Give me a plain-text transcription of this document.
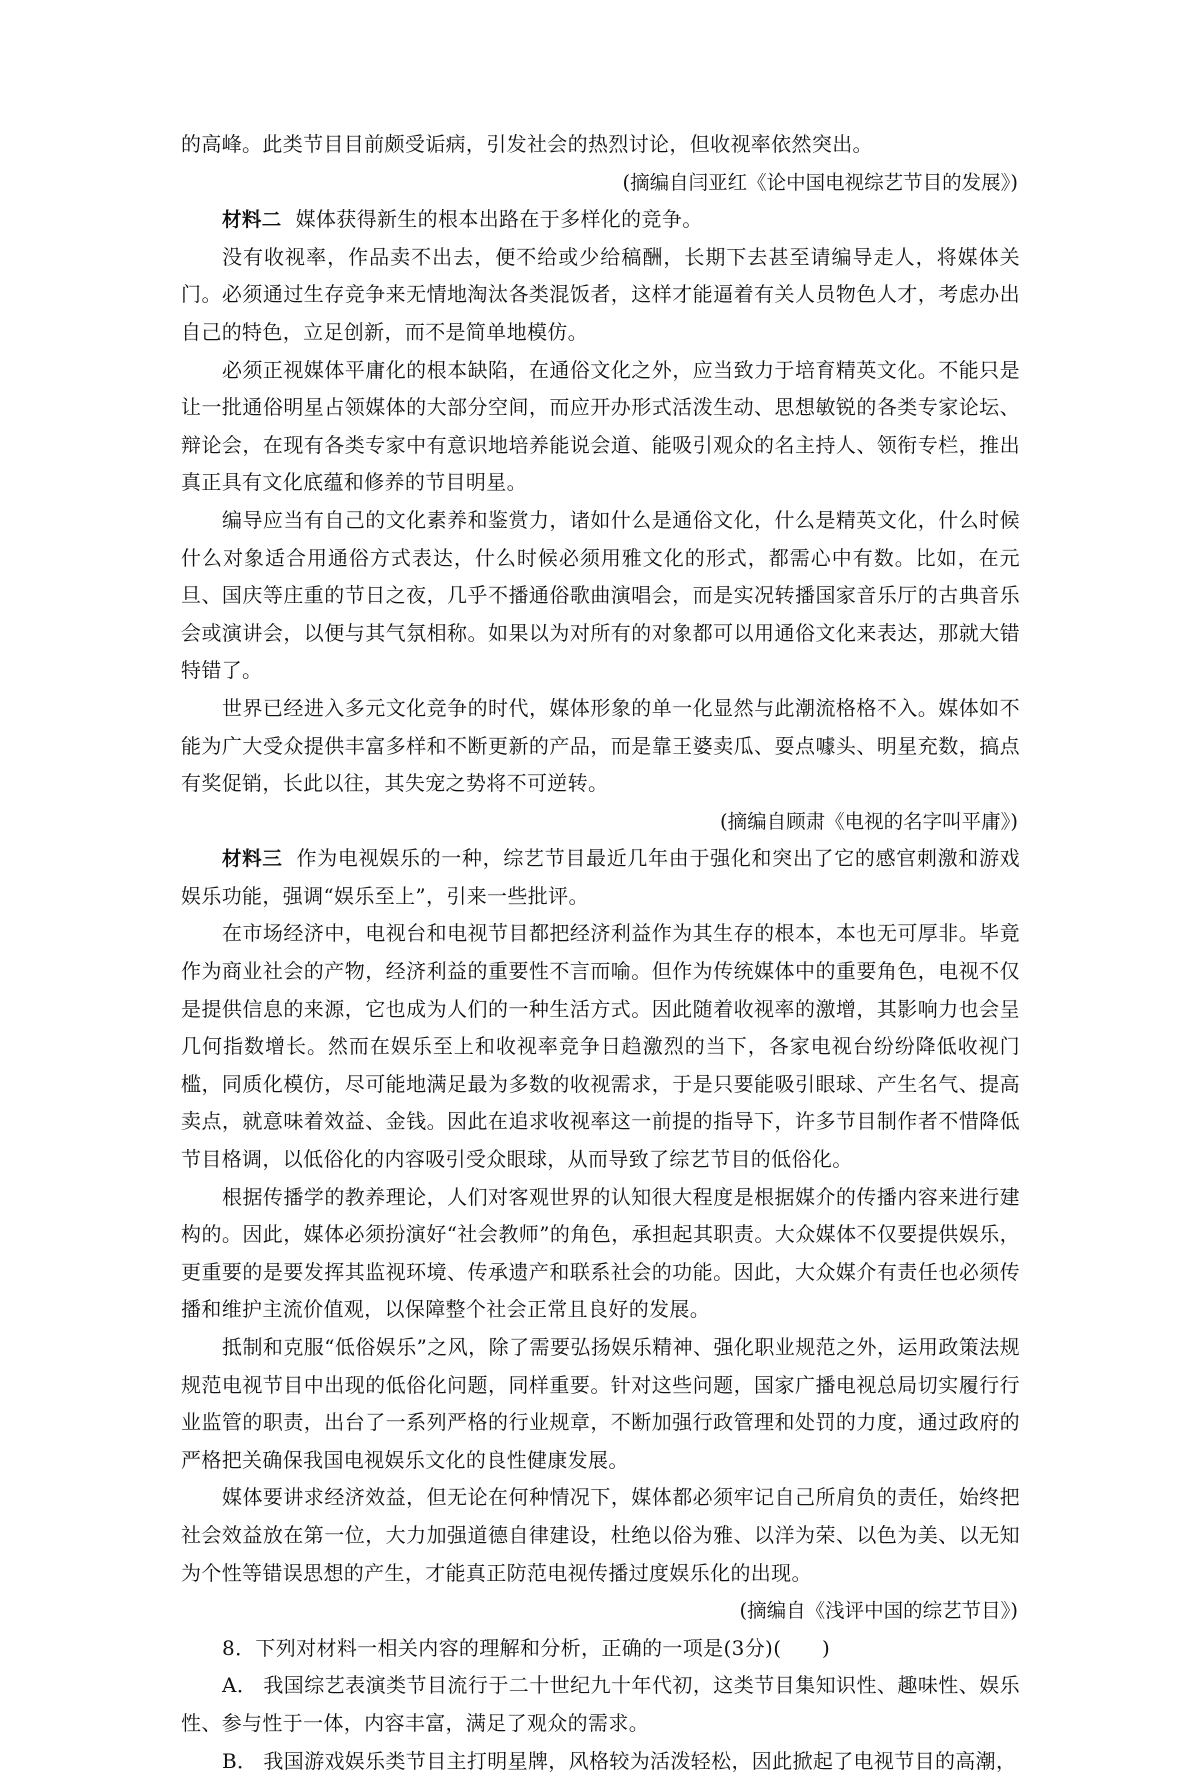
的高峰。此类节目目前颇受诟病，引发社会的热烈讨论，但收视率依然突出。

(摘编自闫亚红《论中国电视综艺节目的发展》)

材料二 媒体获得新生的根本出路在于多样化的竞争。

没有收视率，作品卖不出去，便不给或少给稿酬，长期下去甚至请编导走人，将媒体关门。必须通过生存竞争来无情地淘汰各类混饭者，这样才能逼着有关人员物色人才，考虑办出自己的特色，立足创新，而不是简单地模仿。

必须正视媒体平庸化的根本缺陷，在通俗文化之外，应当致力于培育精英文化。不能只是让一批通俗明星占领媒体的大部分空间，而应开办形式活泼生动、思想敏锐的各类专家论坛、辩论会，在现有各类专家中有意识地培养能说会道、能吸引观众的名主持人、领衔专栏，推出真正具有文化底蕴和修养的节目明星。

编导应当有自己的文化素养和鉴赏力，诸如什么是通俗文化，什么是精英文化，什么时候什么对象适合用通俗方式表达，什么时候必须用雅文化的形式，都需心中有数。比如，在元旦、国庆等庄重的节日之夜，几乎不播通俗歌曲演唱会，而是实况转播国家音乐厅的古典音乐会或演讲会，以便与其气氛相称。如果以为对所有的对象都可以用通俗文化来表达，那就大错特错了。

世界已经进入多元文化竞争的时代，媒体形象的单一化显然与此潮流格格不入。媒体如不能为广大受众提供丰富多样和不断更新的产品，而是靠王婆卖瓜、耍点噱头、明星充数，搞点有奖促销，长此以往，其失宠之势将不可逆转。

(摘编自顾肃《电视的名字叫平庸》)

材料三 作为电视娱乐的一种，综艺节目最近几年由于强化和突出了它的感官刺激和游戏娱乐功能，强调“娱乐至上”，引来一些批评。

在市场经济中，电视台和电视节目都把经济利益作为其生存的根本，本也无可厚非。毕竟作为商业社会的产物，经济利益的重要性不言而喻。但作为传统媒体中的重要角色，电视不仅是提供信息的来源，它也成为人们的一种生活方式。因此随着收视率的激增，其影响力也会呈几何指数增长。然而在娱乐至上和收视率竞争日趋激烈的当下，各家电视台纷纷降低收视门槛，同质化模仿，尽可能地满足最为多数的收视需求，于是只要能吸引眼球、产生名气、提高卖点，就意味着效益、金钱。因此在追求收视率这一前提的指导下，许多节目制作者不惜降低节目格调，以低俗化的内容吸引受众眼球，从而导致了综艺节目的低俗化。

根据传播学的教养理论，人们对客观世界的认知很大程度是根据媒介的传播内容来进行建构的。因此，媒体必须扮演好“社会教师”的角色，承担起其职责。大众媒体不仅要提供娱乐，更重要的是要发挥其监视环境、传承遗产和联系社会的功能。因此，大众媒介有责任也必须传播和维护主流价值观，以保障整个社会正常且良好的发展。

抵制和克服“低俗娱乐”之风，除了需要弘扬娱乐精神、强化职业规范之外，运用政策法规规范电视节目中出现的低俗化问题，同样重要。针对这些问题，国家广播电视总局切实履行行业监管的职责，出台了一系列严格的行业规章，不断加强行政管理和处罚的力度，通过政府的严格把关确保我国电视娱乐文化的良性健康发展。

媒体要讲求经济效益，但无论在何种情况下，媒体都必须牢记自己所肩负的责任，始终把社会效益放在第一位，大力加强道德自律建设，杜绝以俗为雅、以洋为荣、以色为美、以无知为个性等错误思想的产生，才能真正防范电视传播过度娱乐化的出现。

(摘编自《浅评中国的综艺节目》)

8．下列对材料一相关内容的理解和分析，正确的一项是(3分)(　　)

A． 我国综艺表演类节目流行于二十世纪九十年代初，这类节目集知识性、趣味性、娱乐性、参与性于一体，内容丰富，满足了观众的需求。

B． 我国游戏娱乐类节目主打明星牌，风格较为活泼轻松，因此掀起了电视节目的高潮，
